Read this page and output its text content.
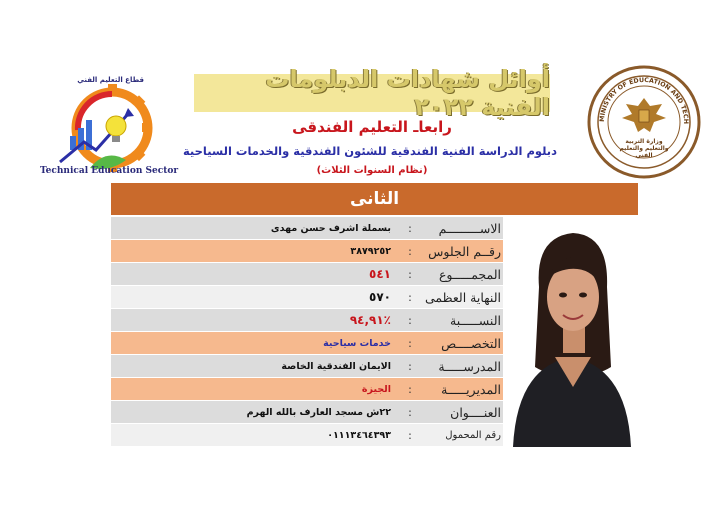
قطاع التعليم الفني
Technical Education Sector
MINISTRY OF EDUCATION AND TECH
وزارة التربية والتعليم والتعليم الفني
أوائل شهادات الدبلومات الفنية ٢٠٢٢
رابعاـ التعليم الفندقى
دبلوم الدراسة الفنية الفندقية للشئون الفندقية والخدمات السياحية
(نظام السنوات الثلاث)
الثانى
بسملة اشرف حسن مهدى	:	الاســـــــــم
٣٨٧٩٢٥٢	:	رقــم الجلوس
٥٤١	:	المجمـــــوع
٥٧٠	:	النهاية العظمى
٪٩٤,٩١	:	النســـــبة
خدمات سياحية	:	التخصــــص
الايمان الفندقية الخاصة	:	المدرســـــة
الجيزة	:	المديريـــــة
٢٢ش مسجد العارف بالله الهرم	:	العنــــوان
٠١١١٣٤٦٤٣٩٣	:	رقم المحمول
